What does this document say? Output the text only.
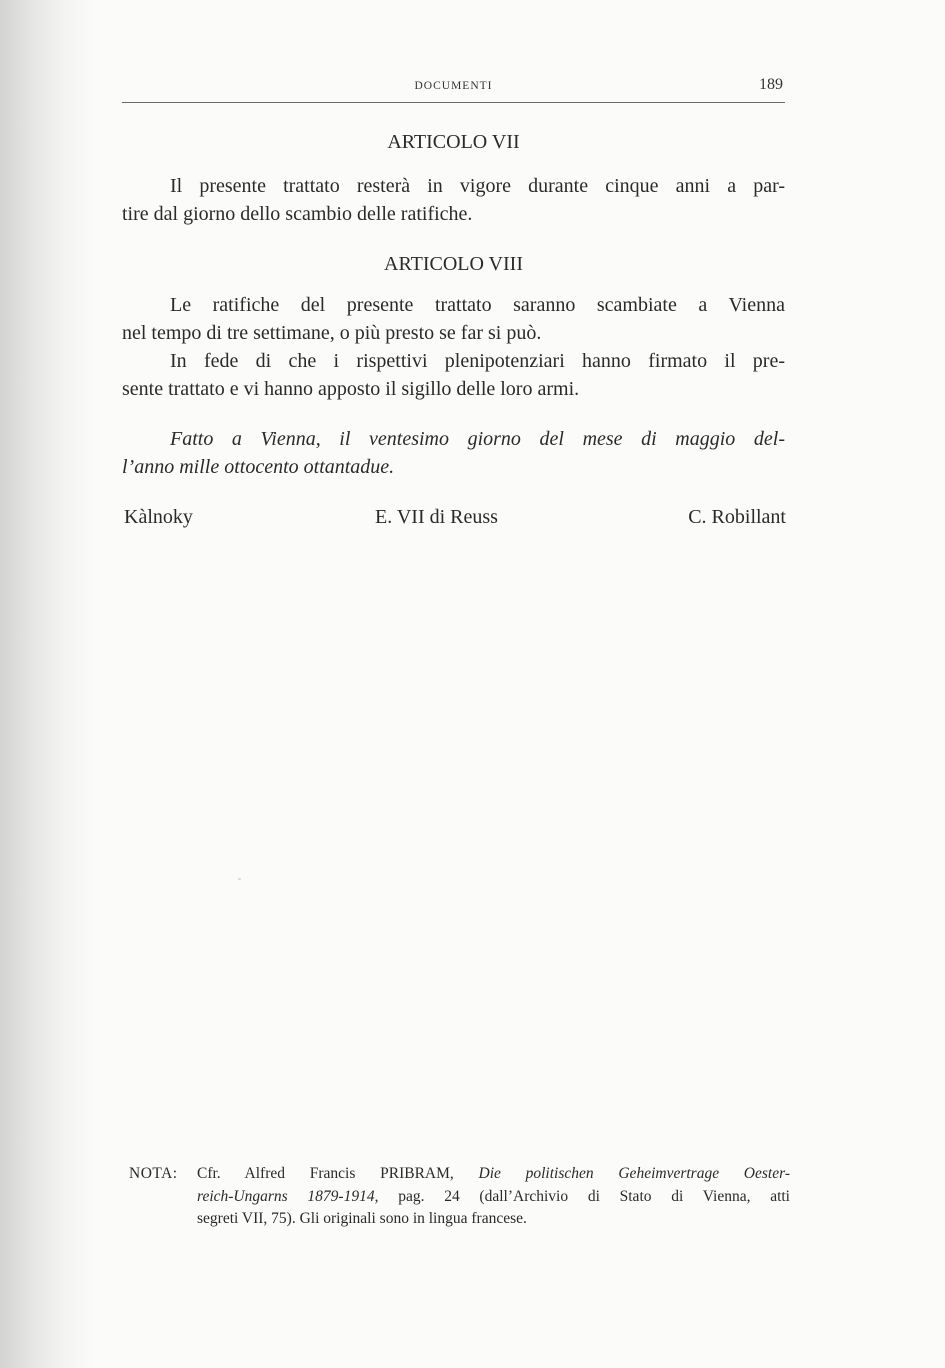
DOCUMENTI	189
ARTICOLO VII
Il presente trattato resterà in vigore durante cinque anni a par-
tire dal giorno dello scambio delle ratifiche.
ARTICOLO VIII
Le ratifiche del presente trattato saranno scambiate a Vienna
nel tempo di tre settimane, o più presto se far si può.
In fede di che i rispettivi plenipotenziari hanno firmato il pre-
sente trattato e vi hanno apposto il sigillo delle loro armi.
Fatto a Vienna, il ventesimo giorno del mese di maggio del-
l’anno mille ottocento ottantadue.
Kàlnoky	E. VII di Reuss	C. Robillant
NOTA: Cfr. Alfred Francis PRIBRAM, Die politischen Geheimvertrage Oester-
reich-Ungarns 1879-1914, pag. 24 (dall’Archivio di Stato di Vienna, atti
segreti VII, 75). Gli originali sono in lingua francese.
